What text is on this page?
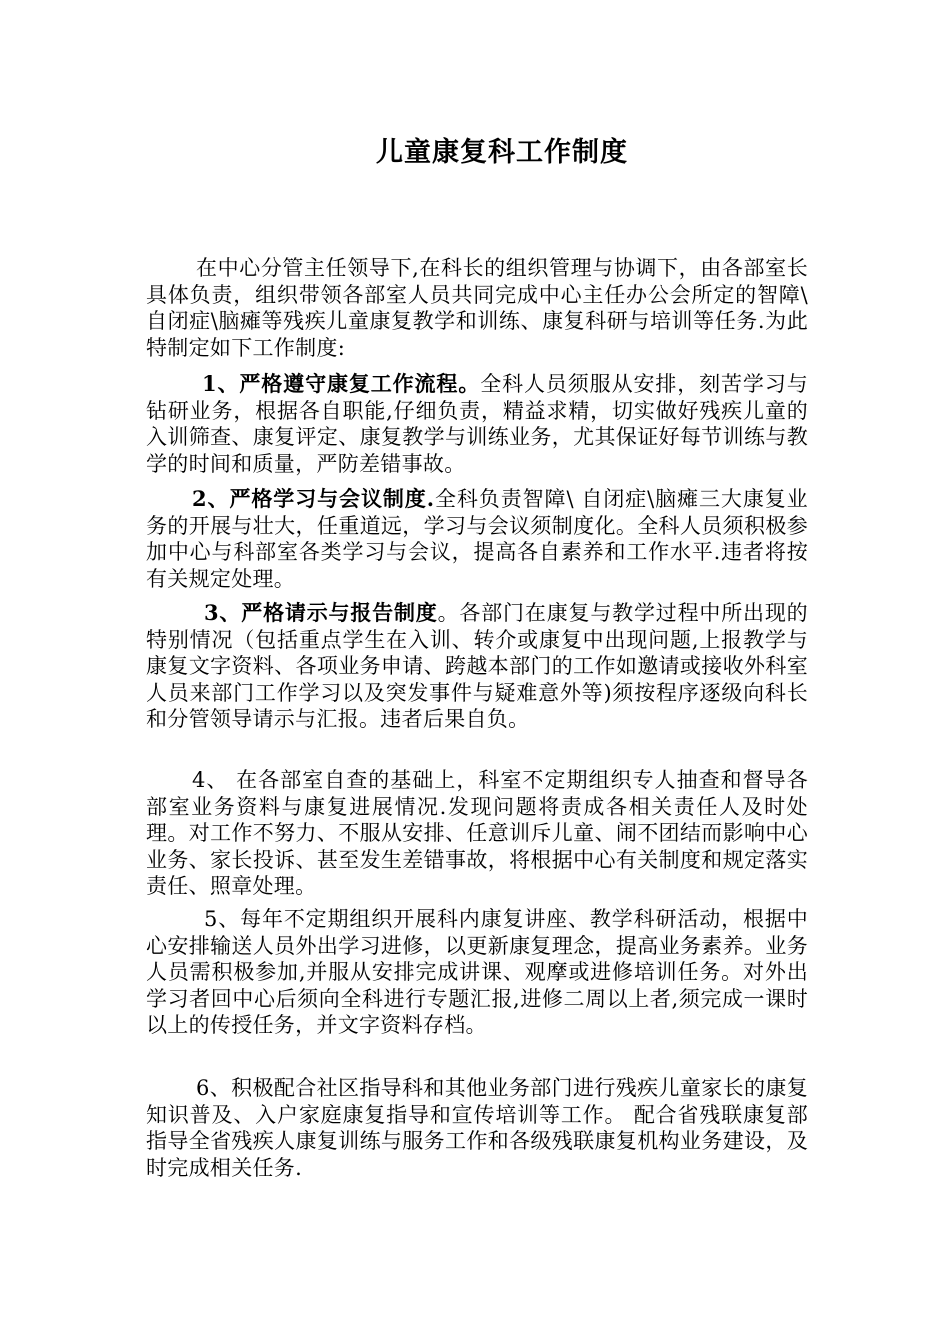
儿童康复科工作制度

在中心分管主任领导下,在科长的组织管理与协调下，由各部室长具体负责，组织带领各部室人员共同完成中心主任办公会所定的智障\ 自闭症\脑瘫等残疾儿童康复教学和训练、康复科研与培训等任务.为此特制定如下工作制度:

1、严格遵守康复工作流程。全科人员须服从安排，刻苦学习与钻研业务，根据各自职能,仔细负责，精益求精，切实做好残疾儿童的入训筛查、康复评定、康复教学与训练业务，尤其保证好每节训练与教学的时间和质量，严防差错事故。

2、严格学习与会议制度.全科负责智障\ 自闭症\脑瘫三大康复业务的开展与壮大，任重道远，学习与会议须制度化。全科人员须积极参加中心与科部室各类学习与会议，提高各自素养和工作水平.违者将按有关规定处理。

3、严格请示与报告制度。各部门在康复与教学过程中所出现的特别情况（包括重点学生在入训、转介或康复中出现问题,上报教学与康复文字资料、各项业务申请、跨越本部门的工作如邀请或接收外科室人员来部门工作学习以及突发事件与疑难意外等)须按程序逐级向科长和分管领导请示与汇报。违者后果自负。

4、 在各部室自查的基础上，科室不定期组织专人抽查和督导各部室业务资料与康复进展情况.发现问题将责成各相关责任人及时处理。对工作不努力、不服从安排、任意训斥儿童、闹不团结而影响中心业务、家长投诉、甚至发生差错事故，将根据中心有关制度和规定落实责任、照章处理。

5、每年不定期组织开展科内康复讲座、教学科研活动，根据中心安排输送人员外出学习进修，以更新康复理念，提高业务素养。业务人员需积极参加,并服从安排完成讲课、观摩或进修培训任务。对外出学习者回中心后须向全科进行专题汇报,进修二周以上者,须完成一课时以上的传授任务，并文字资料存档。

6、积极配合社区指导科和其他业务部门进行残疾儿童家长的康复知识普及、入户家庭康复指导和宣传培训等工作。 配合省残联康复部指导全省残疾人康复训练与服务工作和各级残联康复机构业务建设，及时完成相关任务.
